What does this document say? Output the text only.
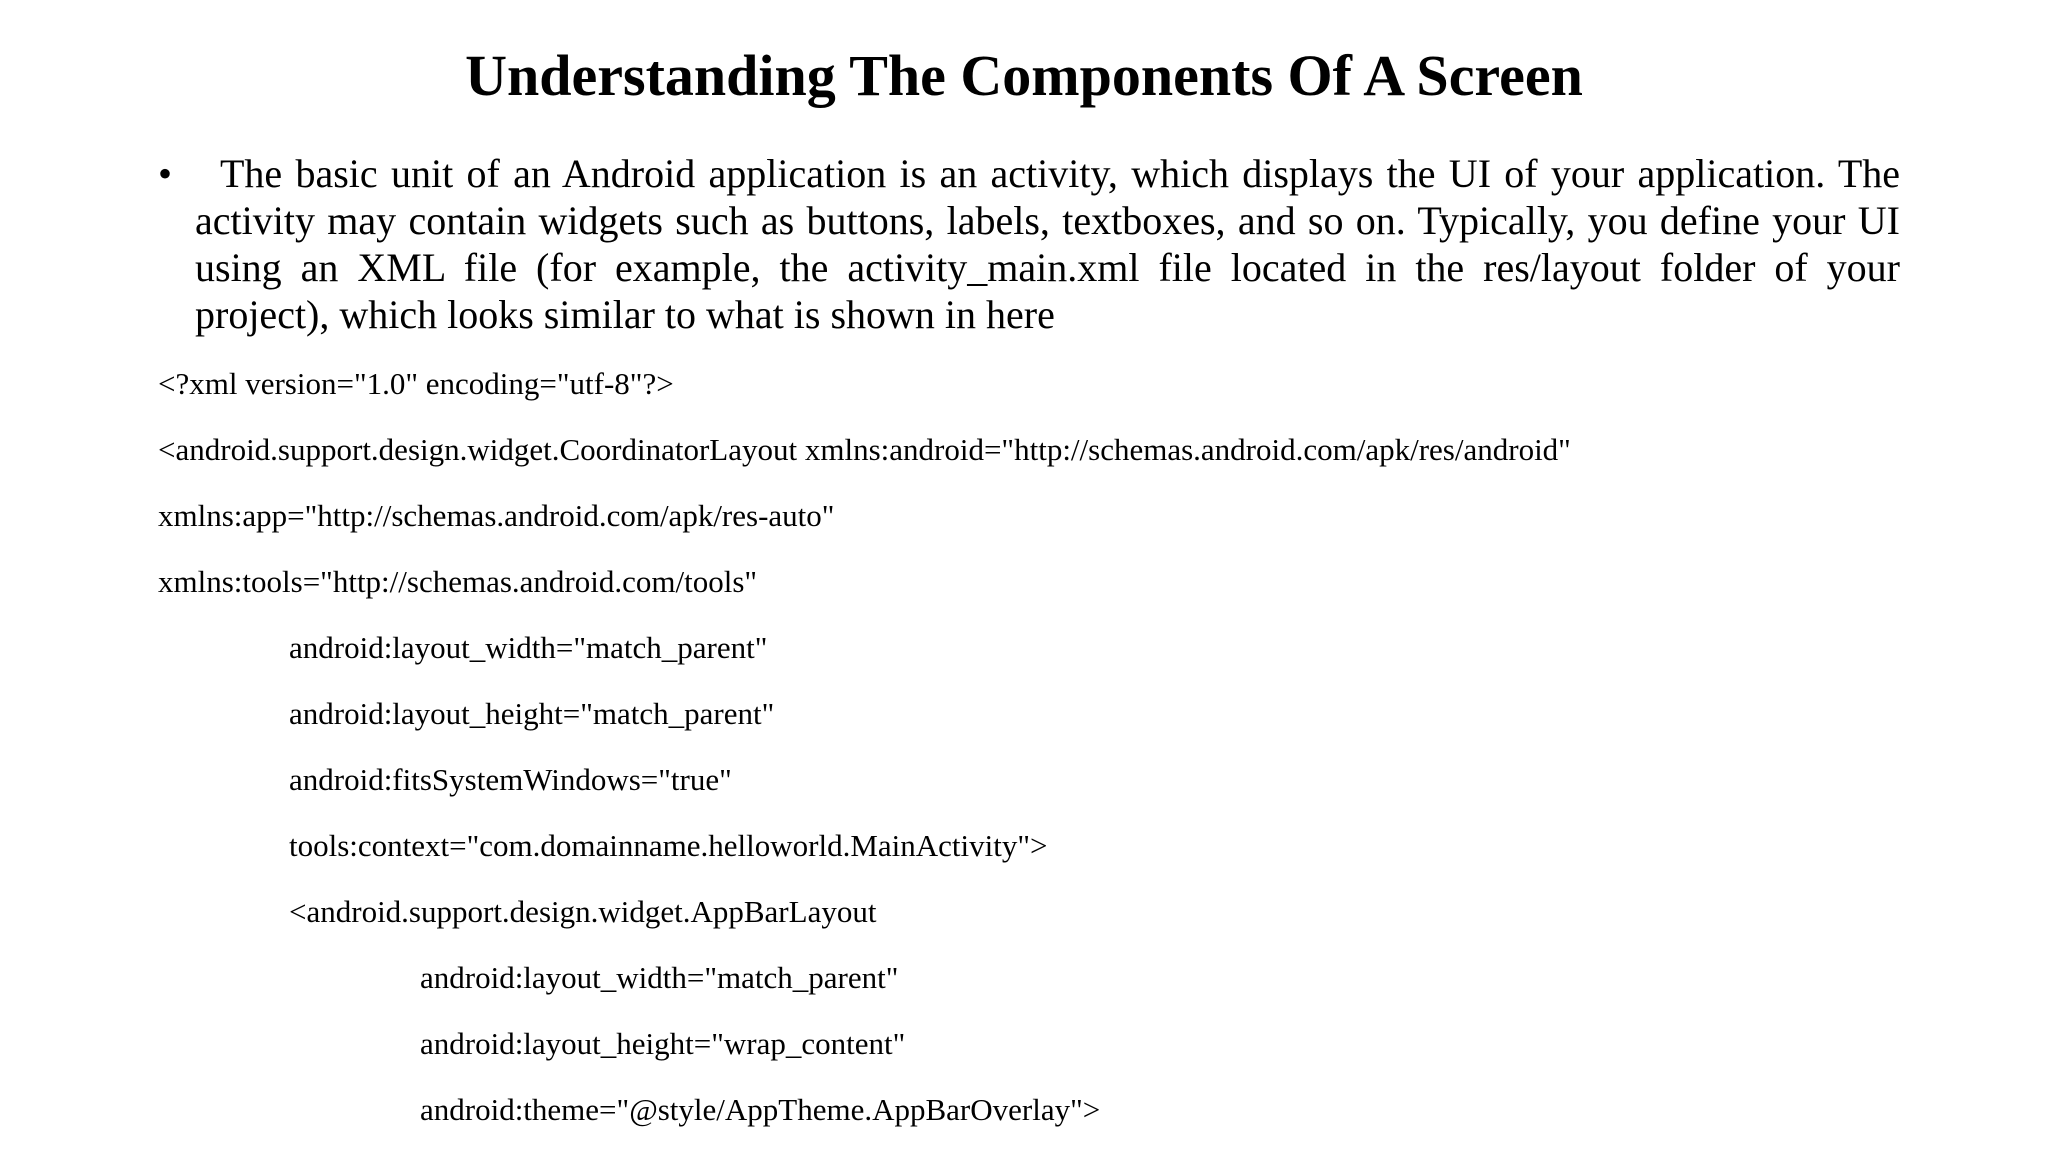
Understanding The Components Of A Screen
•	The basic unit of an Android application is an activity, which displays the UI of your application. The activity may contain widgets such as buttons, labels, textboxes, and so on. Typically, you define your UI using an XML file (for example, the activity_main.xml file located in the res/layout folder of your project), which looks similar to what is shown in here

<?xml version="1.0" encoding="utf-8"?>
<android.support.design.widget.CoordinatorLayout xmlns:android="http://schemas.android.com/apk/res/android"
xmlns:app="http://schemas.android.com/apk/res-auto"
xmlns:tools="http://schemas.android.com/tools"
android:layout_width="match_parent"
android:layout_height="match_parent"
android:fitsSystemWindows="true"
tools:context="com.domainname.helloworld.MainActivity">
<android.support.design.widget.AppBarLayout
android:layout_width="match_parent"
android:layout_height="wrap_content"
android:theme="@style/AppTheme.AppBarOverlay">
